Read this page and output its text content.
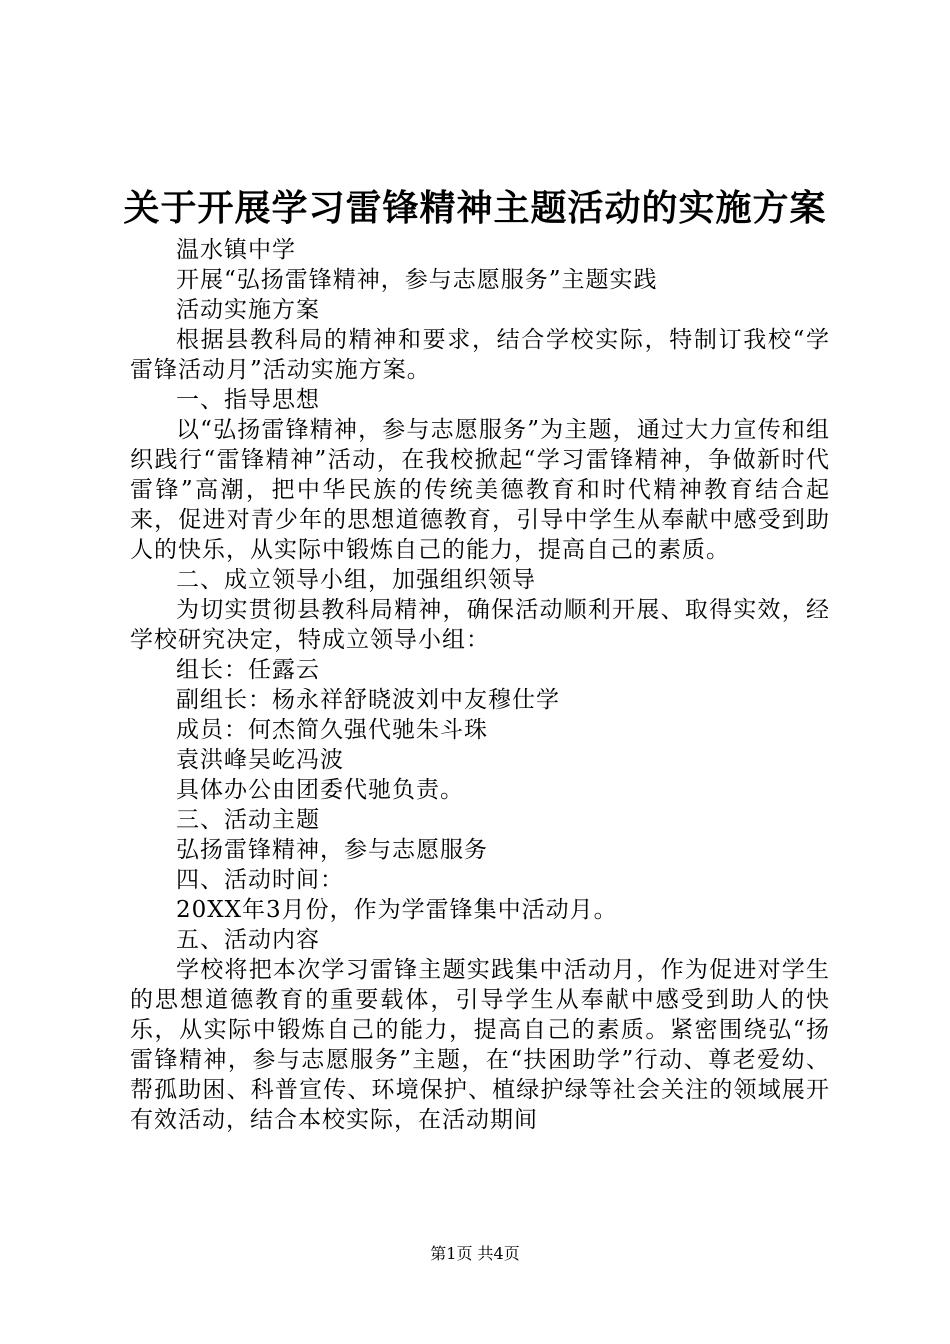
关于开展学习雷锋精神主题活动的实施方案

温水镇中学

开展“弘扬雷锋精神，参与志愿服务”主题实践

活动实施方案

根据县教科局的精神和要求，结合学校实际，特制订我校“学雷锋活动月”活动实施方案。

一、指导思想

以“弘扬雷锋精神，参与志愿服务”为主题，通过大力宣传和组织践行“雷锋精神”活动，在我校掀起“学习雷锋精神，争做新时代雷锋”高潮，把中华民族的传统美德教育和时代精神教育结合起来，促进对青少年的思想道德教育，引导中学生从奉献中感受到助人的快乐，从实际中锻炼自己的能力，提高自己的素质。

二、成立领导小组，加强组织领导

为切实贯彻县教科局精神，确保活动顺利开展、取得实效，经学校研究决定，特成立领导小组：

组长：任露云

副组长：杨永祥舒晓波刘中友穆仕学

成员：何杰简久强代驰朱斗珠

袁洪峰吴屹冯波

具体办公由团委代驰负责。

三、活动主题

弘扬雷锋精神，参与志愿服务

四、活动时间：

20XX年3月份，作为学雷锋集中活动月。

五、活动内容

学校将把本次学习雷锋主题实践集中活动月，作为促进对学生的思想道德教育的重要载体，引导学生从奉献中感受到助人的快乐，从实际中锻炼自己的能力，提高自己的素质。紧密围绕弘“扬雷锋精神，参与志愿服务”主题，在“扶困助学”行动、尊老爱幼、帮孤助困、科普宣传、环境保护、植绿护绿等社会关注的领域展开有效活动，结合本校实际，在活动期间

第1页 共4页
